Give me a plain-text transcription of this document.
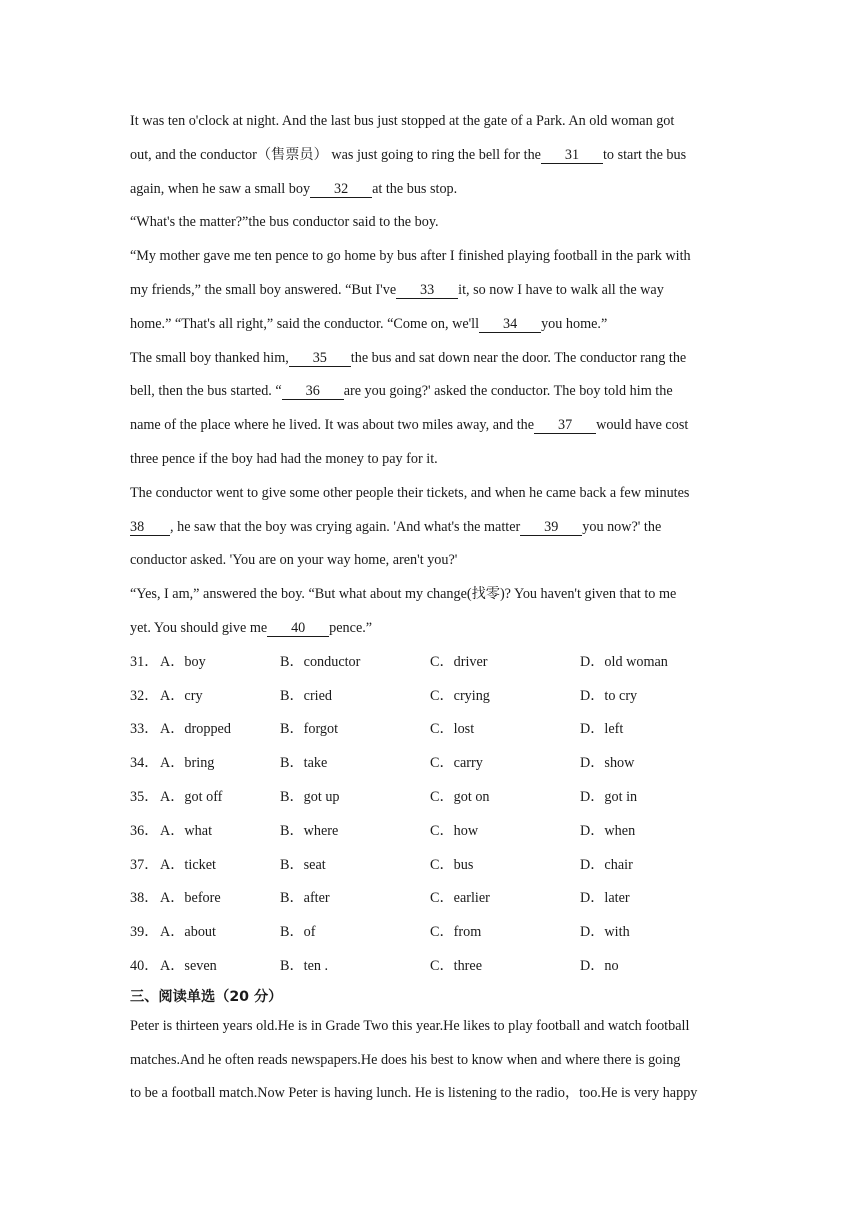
It was ten o'clock at night. And the last bus just stopped at the gate of a Park. An old woman got
out, and the conductor（售票员） was just going to ring the bell for the 31 to start the bus
again, when he saw a small boy 32 at the bus stop.
“What's the matter?”the bus conductor said to the boy.
“My mother gave me ten pence to go home by bus after I finished playing football in the park with
my friends,” the small boy answered. “But I've 33 it, so now I have to walk all the way
home.” “That's all right,” said the conductor. “Come on, we'll 34 you home.”
The small boy thanked him, 35 the bus and sat down near the door. The conductor rang the
bell, then the bus started. “ 36 are you going?' asked the conductor. The boy told him the
name of the place where he lived. It was about two miles away, and the 37 would have cost
three pence if the boy had had the money to pay for it.
The conductor went to give some other people their tickets, and when he came back a few minutes
38 , he saw that the boy was crying again. 'And what's the matter 39 you now?' the
conductor asked. 'You are on your way home, aren't you?'
“Yes, I am,” answered the boy. “But what about my change(找零)? You haven't given that to me
yet. You should give me 40 pence.”
31． A．boy	B．conductor	C．driver	D．old woman
32． A．cry	B．cried	C．crying	D．to cry
33． A．dropped	B．forgot	C．lost	D．left
34． A．bring	B．take	C．carry	D．show
35． A．got off	B．got up	C．got on	D．got in
36． A．what	B．where	C．how	D．when
37． A．ticket	B．seat	C．bus	D．chair
38． A．before	B．after	C．earlier	D．later
39． A．about	B．of	C．from	D．with
40． A．seven	B．ten .	C．three	D．no
三、阅读单选（20 分）
Peter is thirteen years old.He is in Grade Two this year.He likes to play football and watch football
matches.And he often reads newspapers.He does his best to know when and where there is going
to be a football match.Now Peter is having lunch. He is listening to the radio，too.He is very happy
